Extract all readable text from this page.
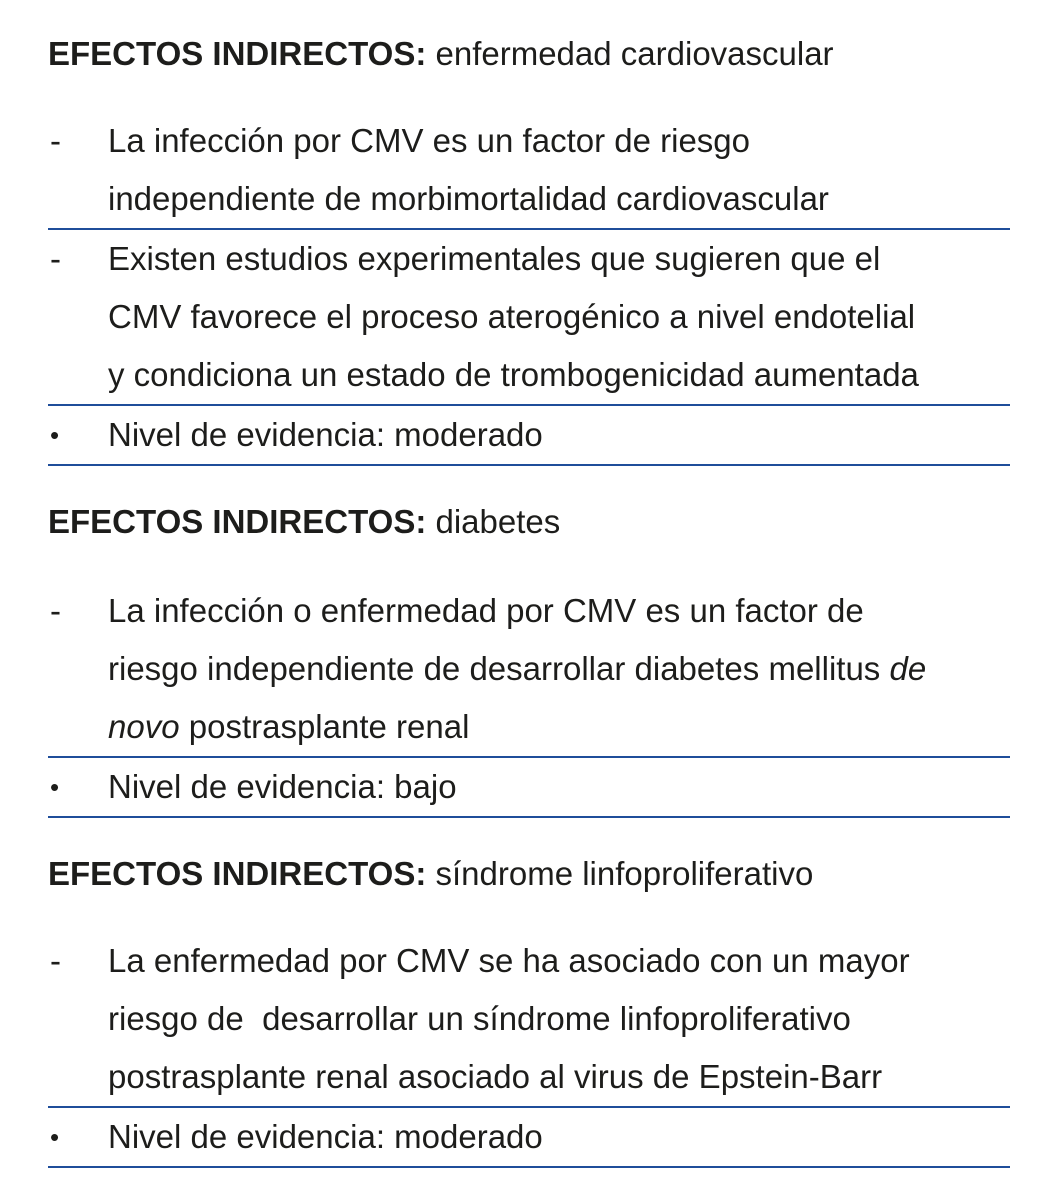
EFECTOS INDIRECTOS: enfermedad cardiovascular
-	La infección por CMV es un factor de riesgo
independiente de morbimortalidad cardiovascular
-	Existen estudios experimentales que sugieren que el
CMV favorece el proceso aterogénico a nivel endotelial
y condiciona un estado de trombogenicidad aumentada
•	Nivel de evidencia: moderado
EFECTOS INDIRECTOS: diabetes
-	La infección o enfermedad por CMV es un factor de
riesgo independiente de desarrollar diabetes mellitus de
novo postrasplante renal
•	Nivel de evidencia: bajo
EFECTOS INDIRECTOS: síndrome linfoproliferativo
-	La enfermedad por CMV se ha asociado con un mayor
riesgo de  desarrollar un síndrome linfoproliferativo
postrasplante renal asociado al virus de Epstein-Barr
•	Nivel de evidencia: moderado
